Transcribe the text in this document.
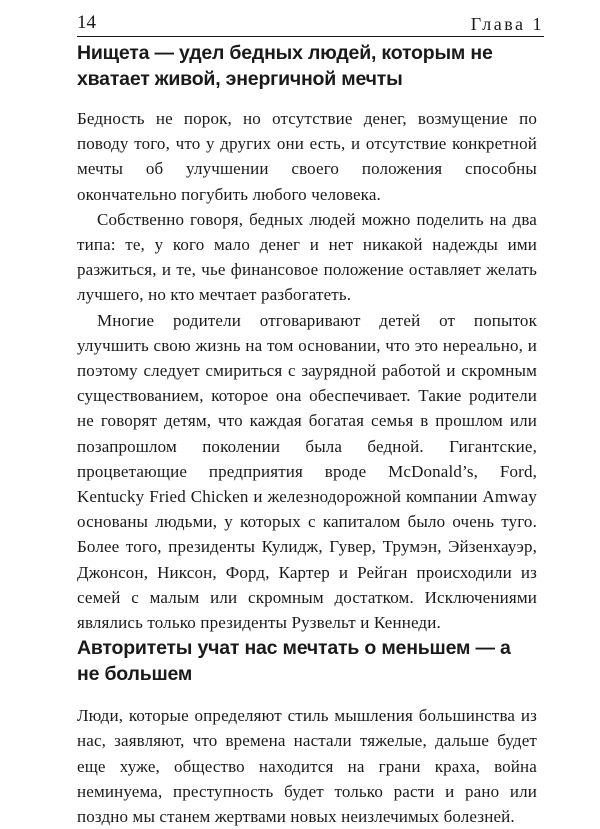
14	Глава 1
Нищета — удел бедных людей, которым не хватает живой, энергичной мечты

Бедность не порок, но отсутствие денег, возмущение по поводу того, что у других они есть, и отсутствие конкретной мечты об улучшении своего положения способны окончательно погубить любого человека.

Собственно говоря, бедных людей можно поделить на два типа: те, у кого мало денег и нет никакой надежды ими разжиться, и те, чье финансовое положение оставляет желать лучшего, но кто мечтает разбогатеть.

Многие родители отговаривают детей от попыток улучшить свою жизнь на том основании, что это нереально, и поэтому следует смириться с заурядной работой и скромным существованием, которое она обеспечивает. Такие родители не говорят детям, что каждая богатая семья в прошлом или позапрошлом поколении была бедной. Гигантские, процветающие предприятия вроде McDonald’s, Ford, Kentucky Fried Chicken и железнодорожной компании Amway основаны людьми, у которых с капиталом было очень туго. Более того, президенты Кулидж, Гувер, Трумэн, Эйзенхауэр, Джонсон, Никсон, Форд, Картер и Рейган происходили из семей с малым или скромным достатком. Исключениями являлись только президенты Рузвельт и Кеннеди.

Авторитеты учат нас мечтать о меньшем — а не большем

Люди, которые определяют стиль мышления большинства из нас, заявляют, что времена настали тяжелые, дальше будет еще хуже, общество находится на грани краха, война неминуема, преступность будет только расти и рано или поздно мы станем жертвами новых неизлечимых болезней.
